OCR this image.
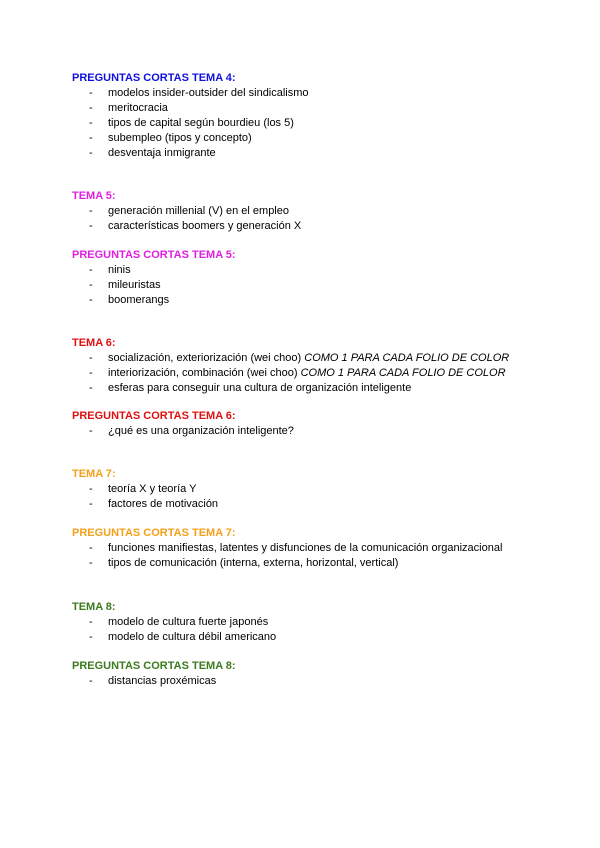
PREGUNTAS CORTAS TEMA 4:
- modelos insider-outsider del sindicalismo
- meritocracia
- tipos de capital según bourdieu (los 5)
- subempleo (tipos y concepto)
- desventaja inmigrante
TEMA 5:
- generación millenial (V) en el empleo
- características boomers y generación X
PREGUNTAS CORTAS TEMA 5:
- ninis
- mileuristas
- boomerangs
TEMA 6:
- socialización, exteriorización (wei choo) COMO 1 PARA CADA FOLIO DE COLOR
- interiorización, combinación (wei choo) COMO 1 PARA CADA FOLIO DE COLOR
- esferas para conseguir una cultura de organización inteligente
PREGUNTAS CORTAS TEMA 6:
- ¿qué es una organización inteligente?
TEMA 7:
- teoría X y teoría Y
- factores de motivación
PREGUNTAS CORTAS TEMA 7:
- funciones manifiestas, latentes y disfunciones de la comunicación organizacional
- tipos de comunicación (interna, externa, horizontal, vertical)
TEMA 8:
- modelo de cultura fuerte japonés
- modelo de cultura débil americano
PREGUNTAS CORTAS TEMA 8:
- distancias proxémicas
